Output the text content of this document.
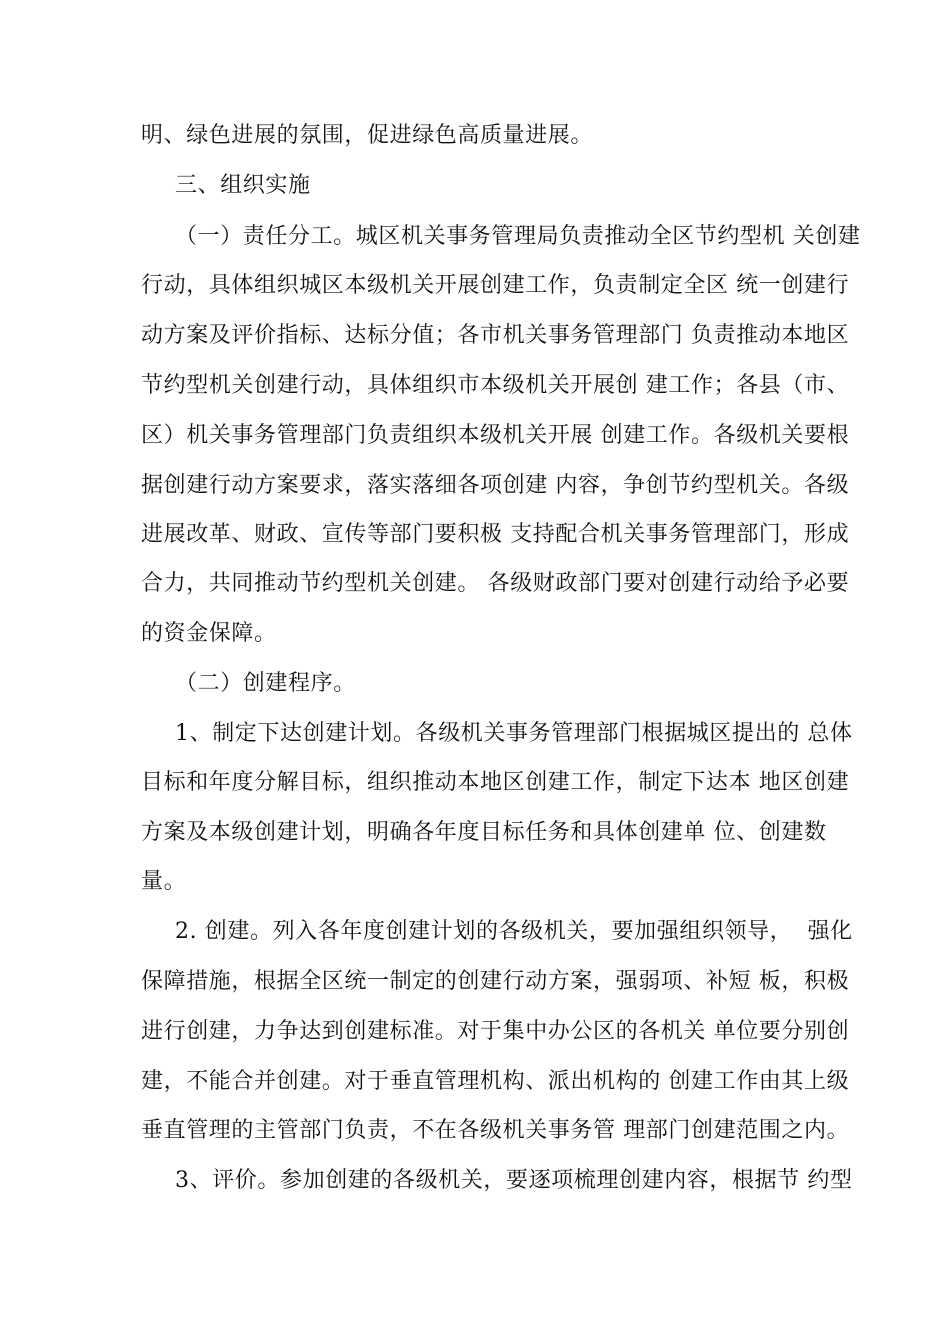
明、绿色进展的氛围，促进绿色高质量进展。
三、组织实施
（一）责任分工。城区机关事务管理局负责推动全区节约型机 关创建
行动，具体组织城区本级机关开展创建工作，负责制定全区 统一创建行
动方案及评价指标、达标分值；各市机关事务管理部门 负责推动本地区
节约型机关创建行动，具体组织市本级机关开展创 建工作；各县（市、
区）机关事务管理部门负责组织本级机关开展 创建工作。各级机关要根
据创建行动方案要求，落实落细各项创建 内容，争创节约型机关。各级
进展改革、财政、宣传等部门要积极 支持配合机关事务管理部门，形成
合力，共同推动节约型机关创建。 各级财政部门要对创建行动给予必要
的资金保障。
（二）创建程序。
1、制定下达创建计划。各级机关事务管理部门根据城区提出的 总体
目标和年度分解目标，组织推动本地区创建工作，制定下达本 地区创建
方案及本级创建计划，明确各年度目标任务和具体创建单 位、创建数
量。
2. 创建。列入各年度创建计划的各级机关，要加强组织领导，  强化
保障措施，根据全区统一制定的创建行动方案，强弱项、补短 板，积极
进行创建，力争达到创建标准。对于集中办公区的各机关 单位要分别创
建，不能合并创建。对于垂直管理机构、派出机构的 创建工作由其上级
垂直管理的主管部门负责，不在各级机关事务管 理部门创建范围之内。
3、评价。参加创建的各级机关，要逐项梳理创建内容，根据节 约型
